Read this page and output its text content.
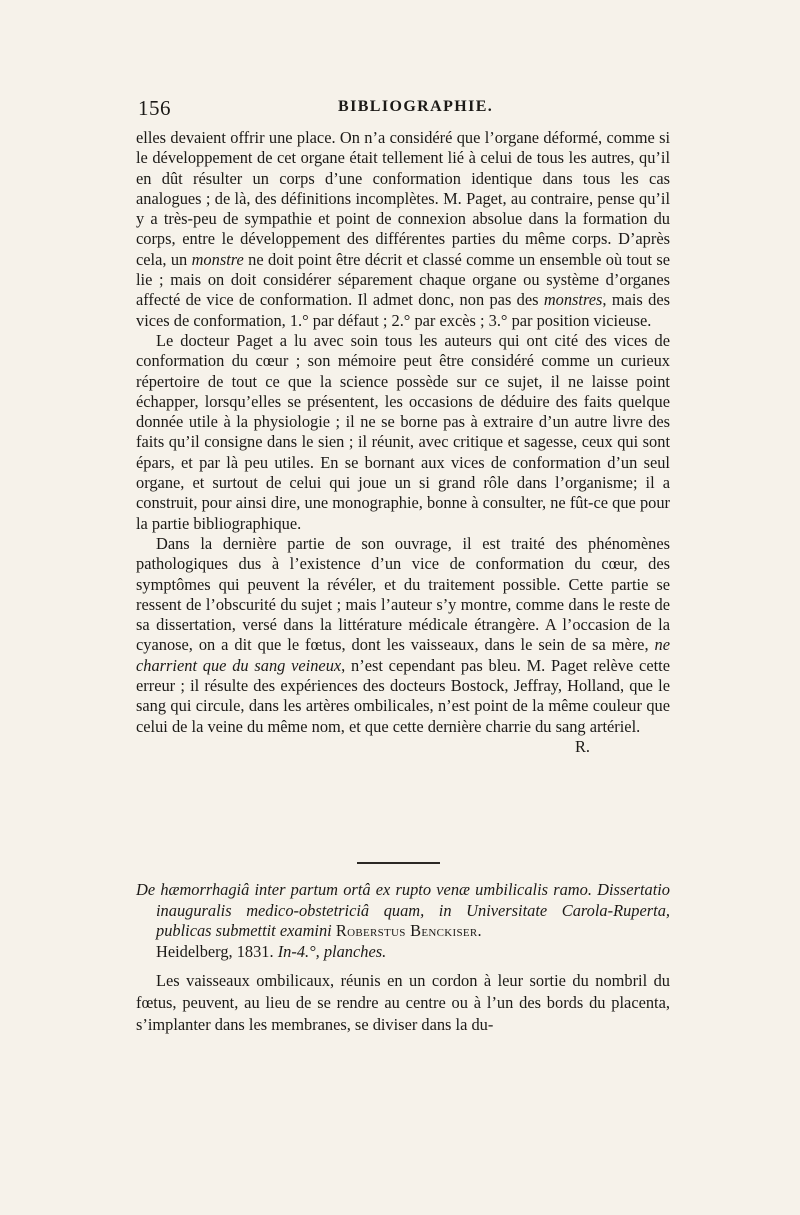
156	BIBLIOGRAPHIE.

elles devaient offrir une place. On n’a considéré que l’organe déformé, comme si le développement de cet organe était tellement lié à celui de tous les autres, qu’il en dût résulter un corps d’une conformation identique dans tous les cas analogues ; de là, des définitions incomplètes. M. Paget, au contraire, pense qu’il y a très-peu de sympathie et point de connexion absolue dans la formation du corps, entre le développement des différentes parties du même corps. D’après cela, un monstre ne doit point être décrit et classé comme un ensemble où tout se lie ; mais on doit considérer séparement chaque organe ou système d’organes affecté de vice de conformation. Il admet donc, non pas des monstres, mais des vices de conformation, 1.° par défaut ; 2.° par excès ; 3.° par position vicieuse.

Le docteur Paget a lu avec soin tous les auteurs qui ont cité des vices de conformation du cœur ; son mémoire peut être considéré comme un curieux répertoire de tout ce que la science possède sur ce sujet, il ne laisse point échapper, lorsqu’elles se présentent, les occasions de déduire des faits quelque donnée utile à la physiologie ; il ne se borne pas à extraire d’un autre livre des faits qu’il consigne dans le sien ; il réunit, avec critique et sagesse, ceux qui sont épars, et par là peu utiles. En se bornant aux vices de conformation d’un seul organe, et surtout de celui qui joue un si grand rôle dans l’organisme; il a construit, pour ainsi dire, une monographie, bonne à consulter, ne fût-ce que pour la partie bibliographique.

Dans la dernière partie de son ouvrage, il est traité des phénomènes pathologiques dus à l’existence d’un vice de conformation du cœur, des symptômes qui peuvent la révéler, et du traitement possible. Cette partie se ressent de l’obscurité du sujet ; mais l’auteur s’y montre, comme dans le reste de sa dissertation, versé dans la littérature médicale étrangère. A l’occasion de la cyanose, on a dit que le fœtus, dont les vaisseaux, dans le sein de sa mère, ne charrient que du sang veineux, n’est cependant pas bleu. M. Paget relève cette erreur ; il résulte des expériences des docteurs Bostock, Jeffray, Holland, que le sang qui circule, dans les artères ombilicales, n’est point de la même couleur que celui de la veine du même nom, et que cette dernière charrie du sang artériel.

R.
De hæmorrhagiâ inter partum ortâ ex rupto venæ umbilicalis ramo. Dissertatio inauguralis medico-obstetriciâ quam, in Universitate Carola-Ruperta, publicas submettit examini Roberstus Benckiser.
Heidelberg, 1831. In-4.°, planches.

Les vaisseaux ombilicaux, réunis en un cordon à leur sortie du nombril du fœtus, peuvent, au lieu de se rendre au centre ou à l’un des bords du placenta, s’implanter dans les membranes, se diviser dans la du-
